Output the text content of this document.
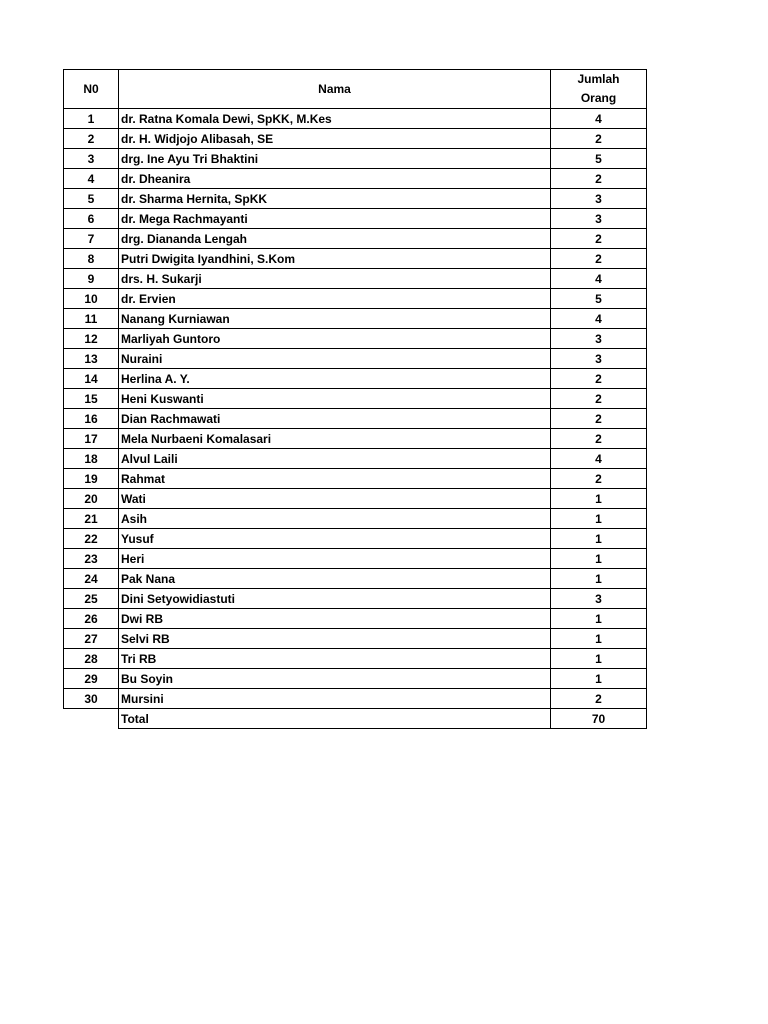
N0	Nama	Jumlah
Orang
1	dr. Ratna Komala Dewi, SpKK, M.Kes	4
2	dr. H. Widjojo Alibasah, SE	2
3	drg. Ine Ayu Tri Bhaktini	5
4	dr. Dheanira	2
5	dr. Sharma Hernita, SpKK	3
6	dr. Mega Rachmayanti	3
7	drg. Diananda Lengah	2
8	Putri Dwigita Iyandhini, S.Kom	2
9	drs. H. Sukarji	4
10	dr. Ervien	5
11	Nanang Kurniawan	4
12	Marliyah Guntoro	3
13	Nuraini	3
14	Herlina A. Y.	2
15	Heni Kuswanti	2
16	Dian Rachmawati	2
17	Mela Nurbaeni Komalasari	2
18	Alvul Laili	4
19	Rahmat	2
20	Wati	1
21	Asih	1
22	Yusuf	1
23	Heri	1
24	Pak Nana	1
25	Dini Setyowidiastuti	3
26	Dwi RB	1
27	Selvi RB	1
28	Tri RB	1
29	Bu Soyin	1
30	Mursini	2
	Total	70
